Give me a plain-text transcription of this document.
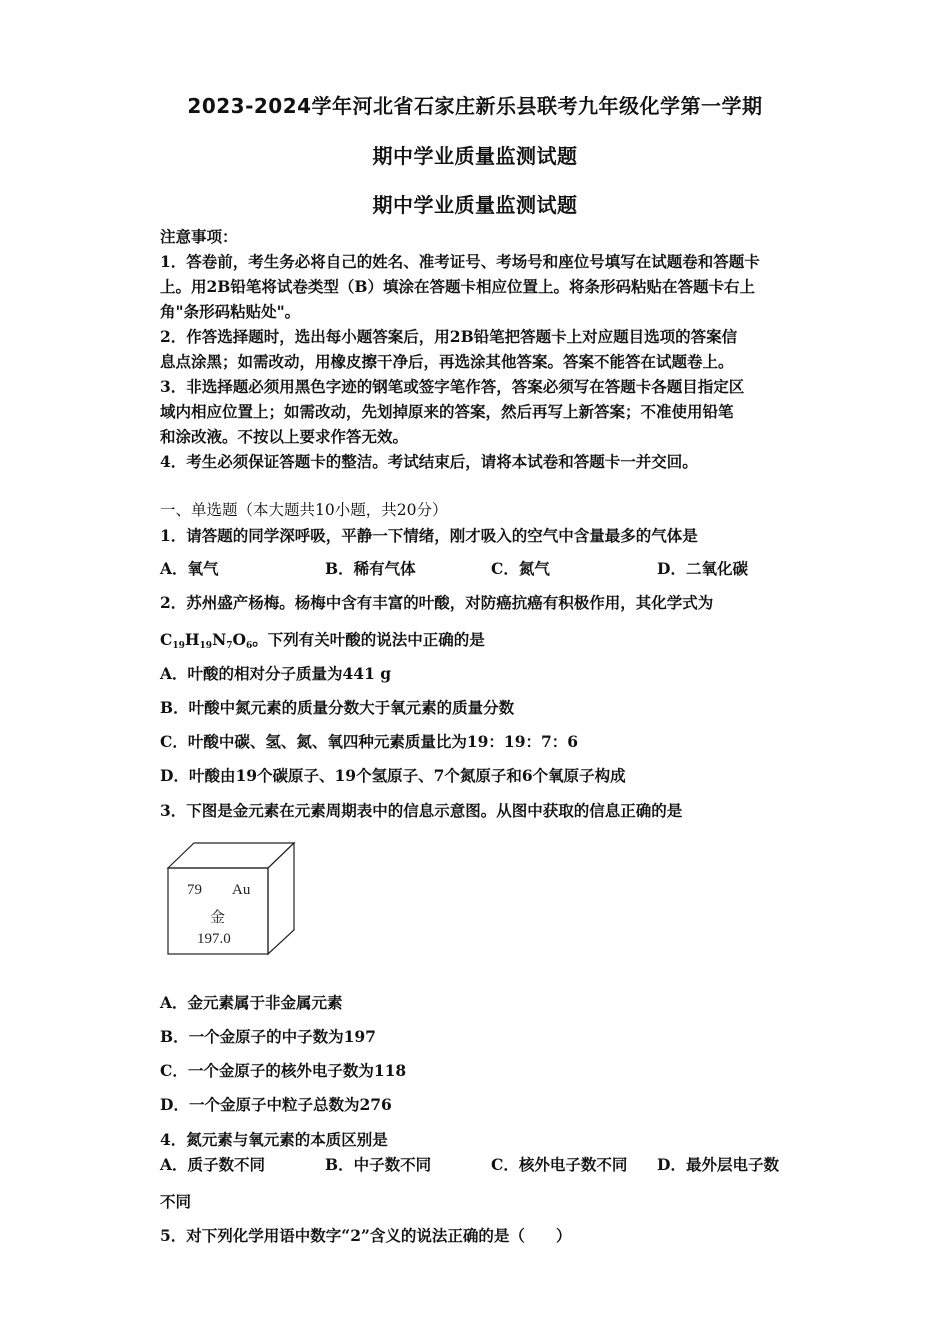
2023-2024学年河北省石家庄新乐县联考九年级化学第一学期
期中学业质量监测试题
期中学业质量监测试题
注意事项：
1．答卷前，考生务必将自己的姓名、准考证号、考场号和座位号填写在试题卷和答题卡
上。用2B铅笔将试卷类型（B）填涂在答题卡相应位置上。将条形码粘贴在答题卡右上
角"条形码粘贴处"。
2．作答选择题时，选出每小题答案后，用2B铅笔把答题卡上对应题目选项的答案信
息点涂黑；如需改动，用橡皮擦干净后，再选涂其他答案。答案不能答在试题卷上。
3．非选择题必须用黑色字迹的钢笔或签字笔作答，答案必须写在答题卡各题目指定区
域内相应位置上；如需改动，先划掉原来的答案，然后再写上新答案；不准使用铅笔
和涂改液。不按以上要求作答无效。
4．考生必须保证答题卡的整洁。考试结束后，请将本试卷和答题卡一并交回。
一、单选题（本大题共10小题，共20分）
1．请答题的同学深呼吸，平静一下情绪，刚才吸入的空气中含量最多的气体是
A．氧气	B．稀有气体	C．氮气	D．二氧化碳
2．苏州盛产杨梅。杨梅中含有丰富的叶酸，对防癌抗癌有积极作用，其化学式为
$C_{19}H_{19}N_7O_6$。下列有关叶酸的说法中正确的是
A．叶酸的相对分子质量为441 g
B．叶酸中氮元素的质量分数大于氧元素的质量分数
C．叶酸中碳、氢、氮、氧四种元素质量比为19：19：7：6
D．叶酸由19个碳原子、19个氢原子、7个氮原子和6个氧原子构成
3．下图是金元素在元素周期表中的信息示意图。从图中获取的信息正确的是
79 Au
金
197.0
A．金元素属于非金属元素
B．一个金原子的中子数为197
C．一个金原子的核外电子数为118
D．一个金原子中粒子总数为276
4．氮元素与氧元素的本质区别是
A．质子数不同	B．中子数不同	C．核外电子数不同 D．最外层电子数
不同
5．对下列化学用语中数字“2”含义的说法正确的是（　　）
